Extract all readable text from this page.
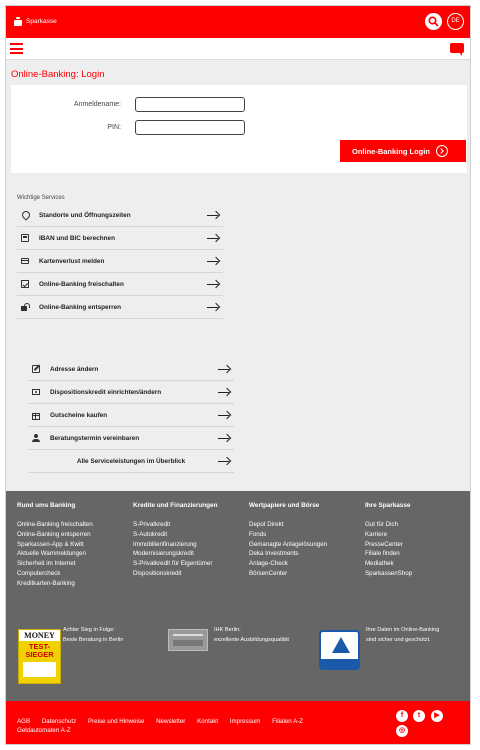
Sparkasse	DE
Online-Banking: Login
Anmeldename:
PIN:
Online-Banking Login
Wichtige Services
Standorte und Öffnungszeiten
IBAN und BIC berechnen
Kartenverlust melden
Online-Banking freischalten
Online-Banking entsperren
Adresse ändern
Dispositionskredit einrichten/ändern
Gutscheine kaufen
Beratungstermin vereinbaren
Alle Serviceleistungen im Überblick
Rund ums Banking
Online-Banking freischalten
Online-Banking entsperren
Sparkassen-App & Kwitt
Aktuelle Warnmeldungen
Sicherheit im Internet
Computercheck
Kreditkarten-Banking
Kredite und Finanzierungen
S-Privatkredit
S-Autokredit
Immobilienfinanzierung
Modernisierungskredit
S-Privatkredit für Eigentümer
Dispositionskredit
Wertpapiere und Börse
Depot Direkt
Fonds
Gemanagte Anlagelösungen
Deka Investments
Anlage-Check
BörsenCenter
Ihre Sparkasse
Gut für Dich
Karriere
PresseCenter
Filiale finden
Mediathek
SparkassenShop
MONEY
TEST-
SIEGER
Achter Sieg in Folge:
Beste Beratung in Berlin
IHK Berlin:
exzellente Ausbildungsqualität
Ihre Daten im Online-Banking
sind sicher und geschützt.
AGB Datenschutz Preise und Hinweise Newsletter Kontakt Impressum Filialen A-Z
Geldautomaten A-Z
f	t	▶
◎
